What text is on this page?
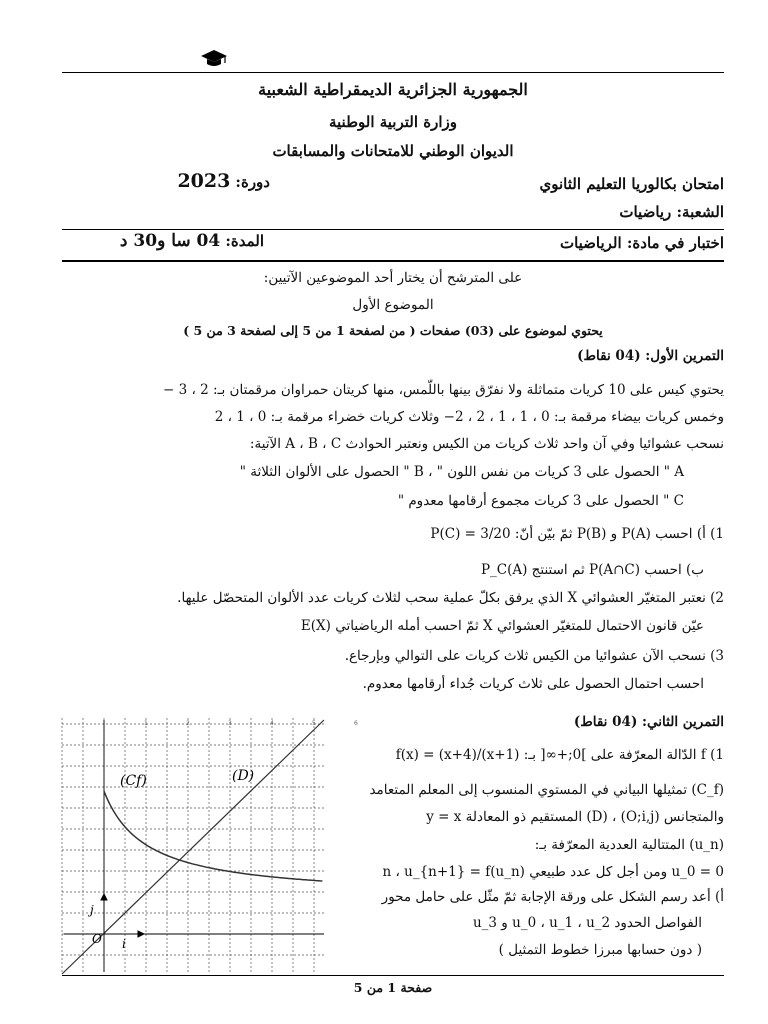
الجمهورية الجزائرية الديمقراطية الشعبية
وزارة التربية الوطنية
الديوان الوطني للامتحانات والمسابقات
امتحان بكالوريا التعليم الثانوي
دورة: 2023
الشعبة: رياضيات
اختبار في مادة: الرياضيات
المدة: 04 سا و30 د
على المترشح أن يختار أحد الموضوعين الآتيين:
الموضوع الأول
يحتوي لموضوع على (03) صفحات ( من لصفحة 1 من 5 إلى لصفحة 3 من 5 )
التمرين الأول: (04 نقاط)
يحتوي كيس على 10 كريات متماثلة ولا نفرّق بينها باللّمس، منها كريتان حمراوان مرقمتان بـ: 2 ، 3 −
وخمس كريات بيضاء مرقمة بـ: 0 ، 1 ، 1 ، 2 ، 2− وثلاث كريات خضراء مرقمة بـ: 0 ، 1 ، 2
نسحب عشوائيا وفي آن واحد ثلاث كريات من الكيس ونعتبر الحوادث A ، B ، C الآتية:
A " الحصول على 3 كريات من نفس اللون " ، B " الحصول على الألوان الثلاثة "
C " الحصول على 3 كريات مجموع أرقامها معدوم "
1) أ) احسب P(A) و P(B) ثمّ بيّن أنّ: P(C) = 3/20
ب) احسب P(A∩C) ثم استنتج P_C(A)
2) نعتبر المتغيّر العشوائي X الذي يرفق بكلّ عملية سحب لثلاث كريات عدد الألوان المتحصّل عليها.
عيّن قانون الاحتمال للمتغيّر العشوائي X ثمّ احسب أمله الرياضياتي E(X)
3) نسحب الآن عشوائيا من الكيس ثلاث كريات على التوالي وبإرجاع.
احسب احتمال الحصول على ثلاث كريات جُداء أرقامها معدوم.
التمرين الثاني: (04 نقاط)
1) f الدّالة المعرّفة على ]0;+∞[ بـ: f(x) = (x+4)/(x+1)
(C_f) تمثيلها البياني في المستوي المنسوب إلى المعلم المتعامد
والمتجانس (O;i,j) ، (D) المستقيم ذو المعادلة y = x
(u_n) المتتالية العددية المعرّفة بـ:
u_0 = 0 ومن أجل كل عدد طبيعي n ، u_{n+1} = f(u_n)
أ) أعد رسم الشكل على ورقة الإجابة ثمّ مثّل على حامل محور
الفواصل الحدود u_0 ، u_1 ، u_2 و u_3
( دون حسابها مبرزا خطوط التمثيل )
(Cf)	(D)
O i
j
1	2	3	4	5	6
صفحة 1 من 5
